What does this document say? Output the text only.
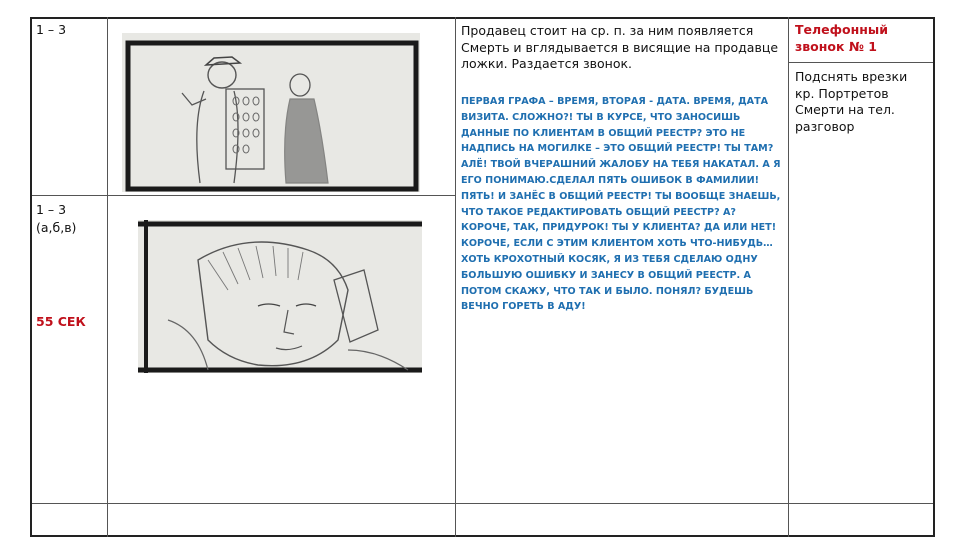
1 – 3
1 – 3
(а,б,в)
55 СЕК
Продавец стоит на ср. п. за ним появляется Смерть и вглядывается в висящие на продавце ложки. Раздается звонок.
ПЕРВАЯ ГРАФА – ВРЕМЯ, ВТОРАЯ - ДАТА. ВРЕМЯ, ДАТА ВИЗИТА. СЛОЖНО?! ТЫ В КУРСЕ, ЧТО ЗАНОСИШЬ ДАННЫЕ ПО КЛИЕНТАМ В ОБЩИЙ РЕЕСТР? ЭТО НЕ НАДПИСЬ НА МОГИЛКЕ – ЭТО ОБЩИЙ РЕЕСТР! ТЫ ТАМ? АЛЁ! ТВОЙ ВЧЕРАШНИЙ ЖАЛОБУ НА ТЕБЯ НАКАТАЛ. А Я ЕГО ПОНИМАЮ.СДЕЛАЛ ПЯТЬ ОШИБОК В ФАМИЛИИ! ПЯТЬ! И ЗАНЁС В ОБЩИЙ РЕЕСТР! ТЫ ВООБЩЕ ЗНАЕШЬ, ЧТО ТАКОЕ РЕДАКТИРОВАТЬ ОБЩИЙ РЕЕСТР? А? КОРОЧЕ, ТАК, ПРИДУРОК! ТЫ У КЛИЕНТА? ДА ИЛИ НЕТ! КОРОЧЕ, ЕСЛИ С ЭТИМ КЛИЕНТОМ ХОТЬ ЧТО-НИБУДЬ… ХОТЬ КРОХОТНЫЙ КОСЯК, Я ИЗ ТЕБЯ СДЕЛАЮ ОДНУ БОЛЬШУЮ ОШИБКУ И ЗАНЕСУ В ОБЩИЙ РЕЕСТР. А ПОТОМ СКАЖУ, ЧТО ТАК И БЫЛО. ПОНЯЛ? БУДЕШЬ ВЕЧНО ГОРЕТЬ В АДУ!
Телефонный звонок № 1
Подснять врезки кр. Портретов Смерти на тел. разговор
